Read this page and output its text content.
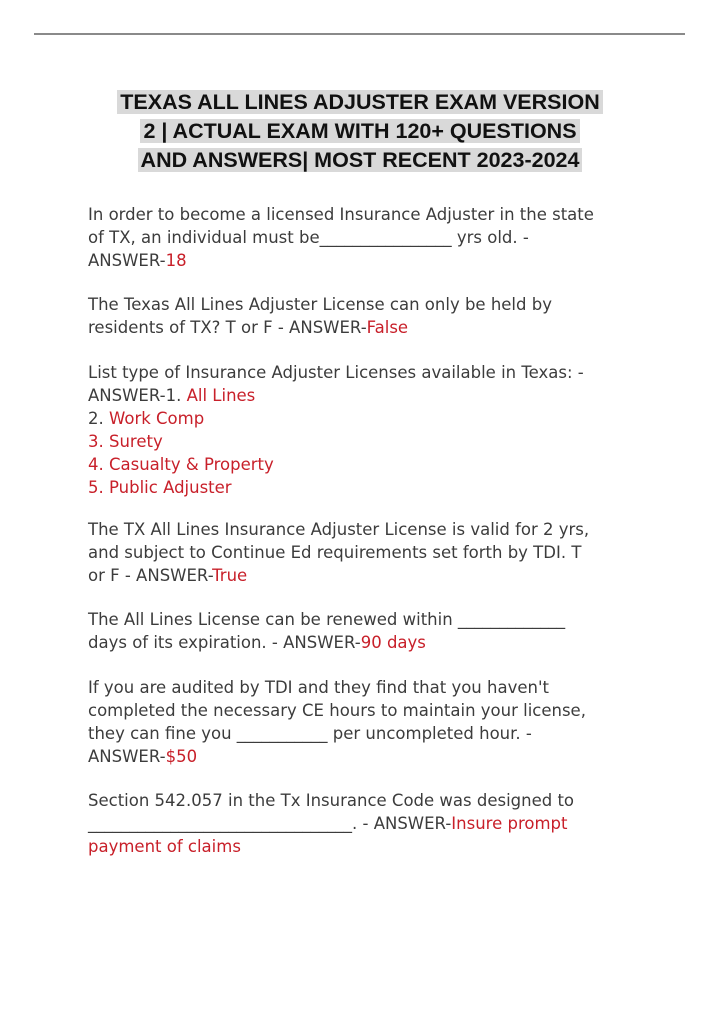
TEXAS ALL LINES ADJUSTER EXAM VERSION
2 | ACTUAL EXAM WITH 120+ QUESTIONS
AND ANSWERS| MOST RECENT 2023-2024
In order to become a licensed Insurance Adjuster in the state
of TX, an individual must be________________ yrs old. -
ANSWER-18
The Texas All Lines Adjuster License can only be held by
residents of TX? T or F - ANSWER-False
List type of Insurance Adjuster Licenses available in Texas: -
ANSWER-1. All Lines
2. Work Comp
3. Surety
4. Casualty & Property
5. Public Adjuster
The TX All Lines Insurance Adjuster License is valid for 2 yrs,
and subject to Continue Ed requirements set forth by TDI. T
or F - ANSWER-True
The All Lines License can be renewed within _____________
days of its expiration. - ANSWER-90 days
If you are audited by TDI and they find that you haven't
completed the necessary CE hours to maintain your license,
they can fine you ___________ per uncompleted hour. -
ANSWER-$50
Section 542.057 in the Tx Insurance Code was designed to
________________________________. - ANSWER-Insure prompt
payment of claims
